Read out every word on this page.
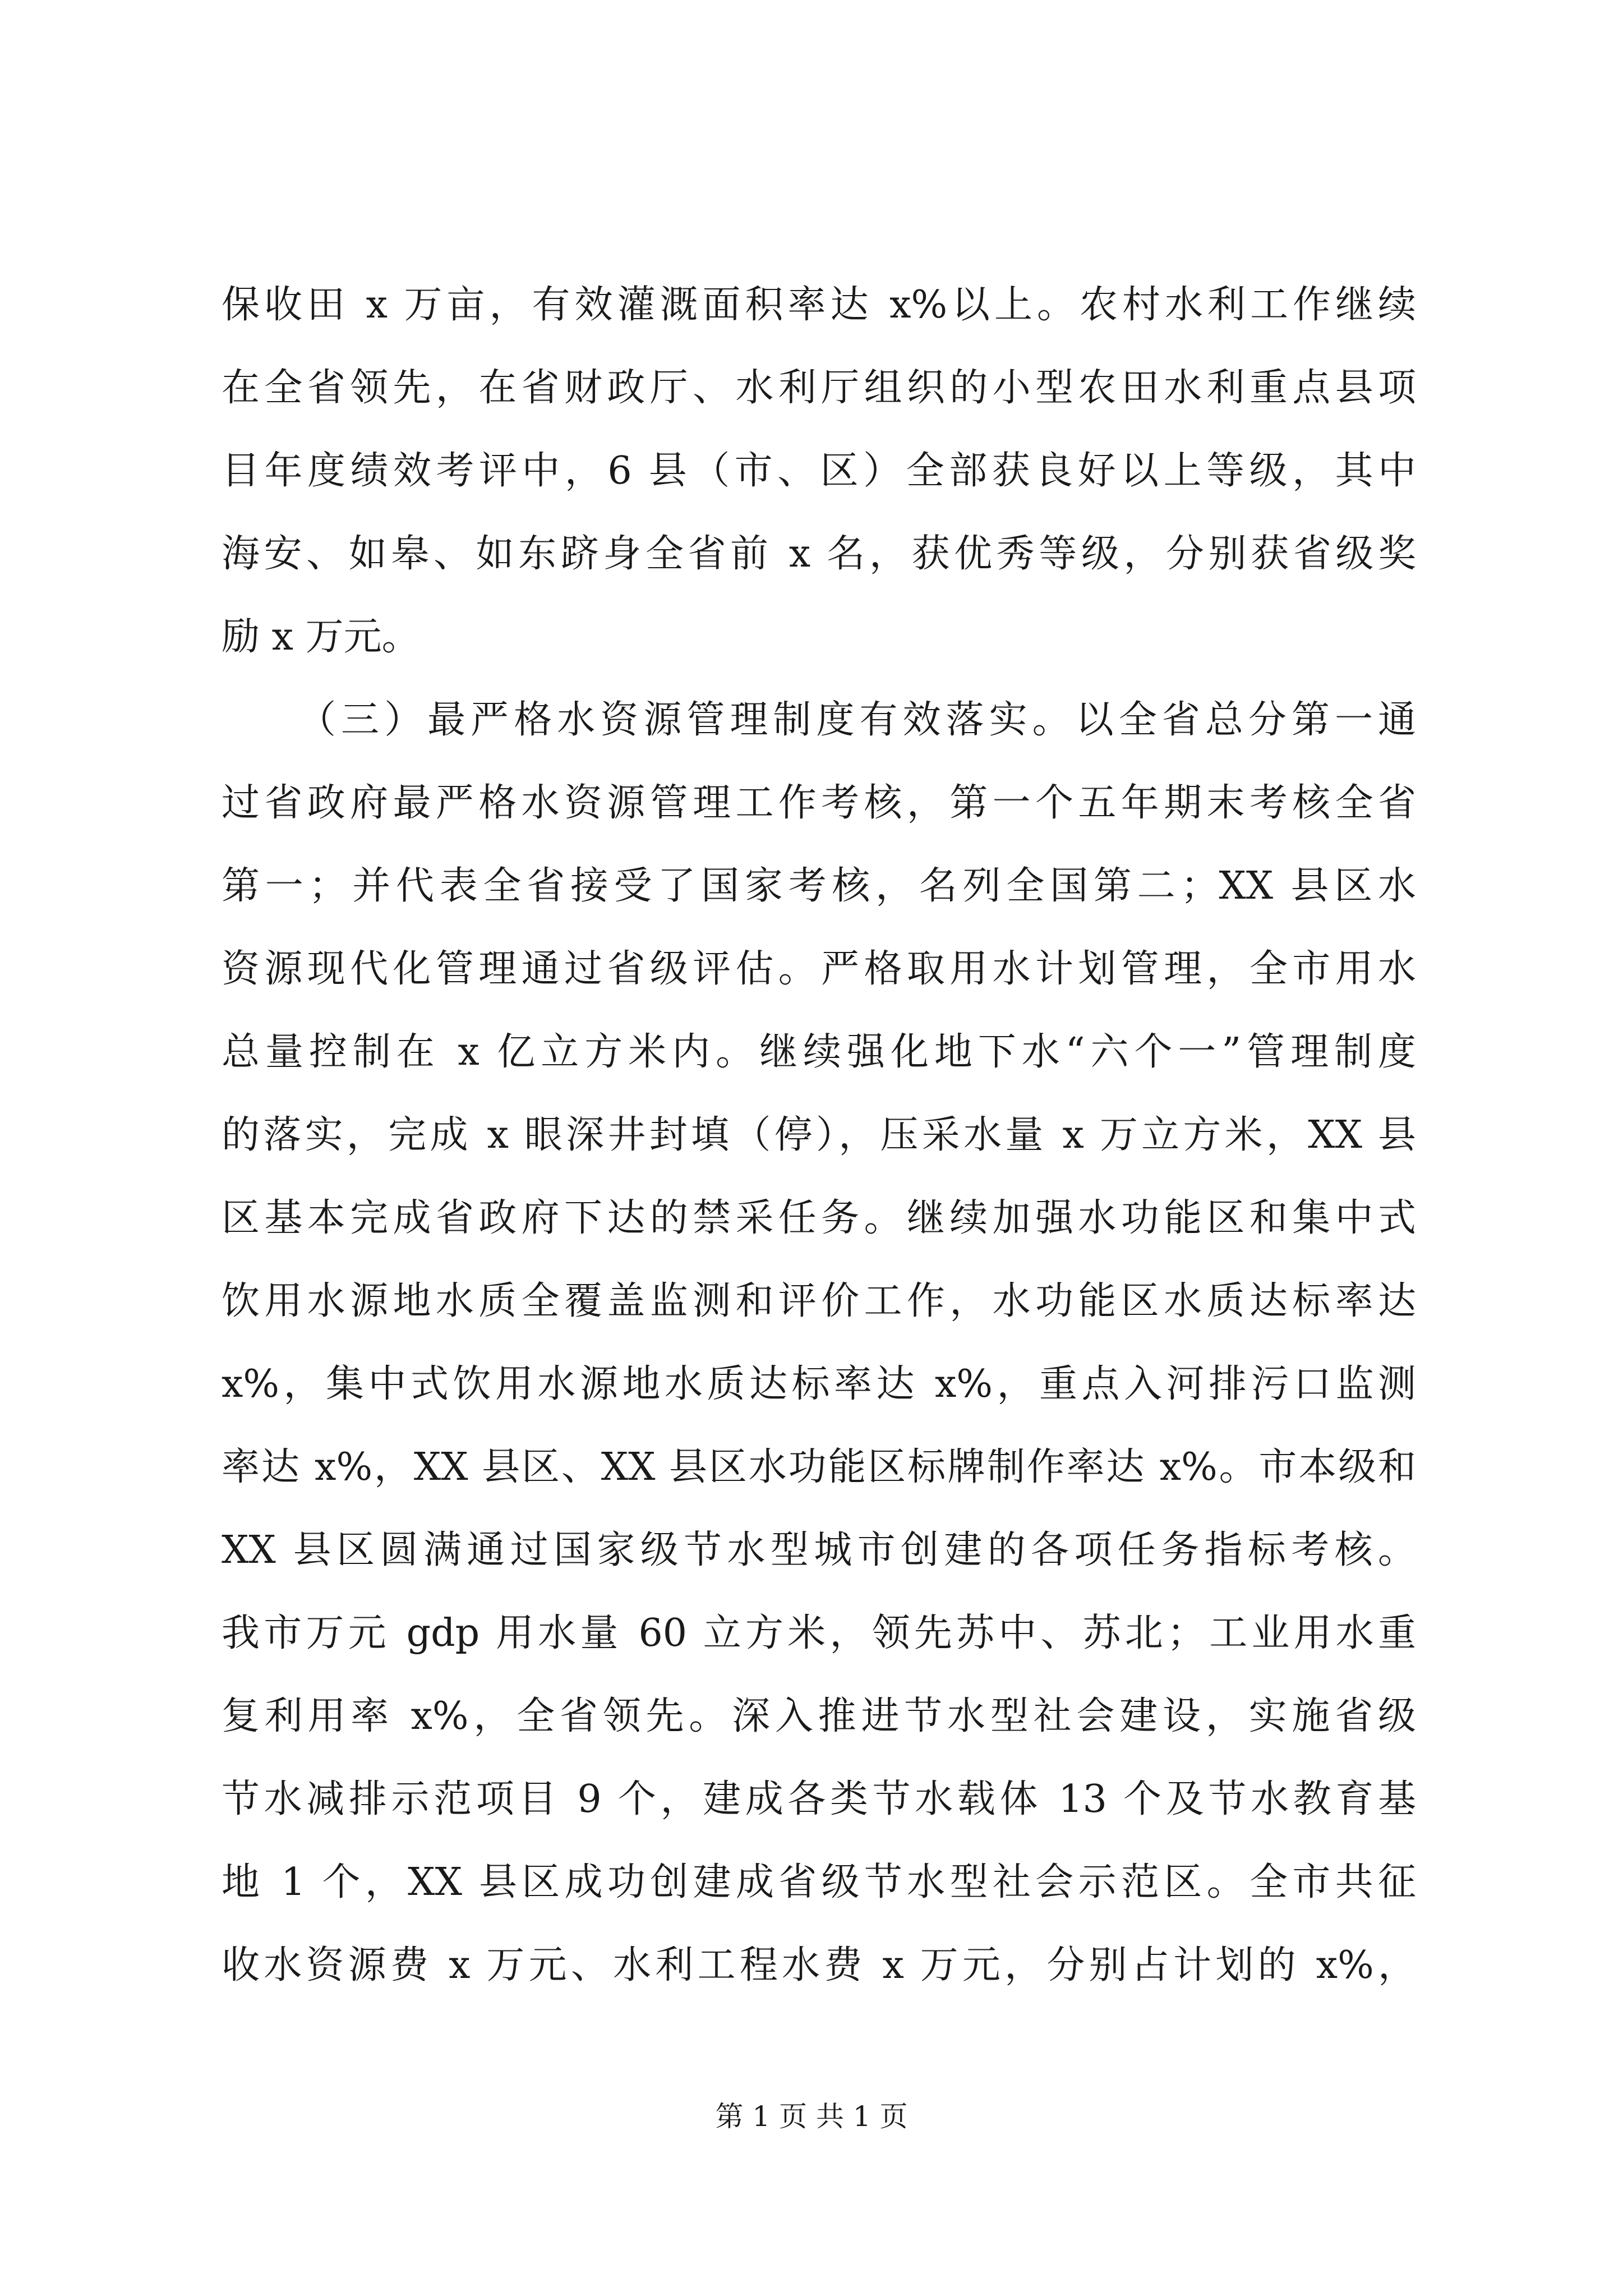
保收田 x 万亩，有效灌溉面积率达 x%以上。农村水利工作继续
在全省领先，在省财政厅、水利厅组织的小型农田水利重点县项
目年度绩效考评中，6 县（市、区）全部获良好以上等级，其中
海安、如皋、如东跻身全省前 x 名，获优秀等级，分别获省级奖
励 x 万元。
（三）最严格水资源管理制度有效落实。以全省总分第一通
过省政府最严格水资源管理工作考核，第一个五年期末考核全省
第一；并代表全省接受了国家考核，名列全国第二；XX 县区水
资源现代化管理通过省级评估。严格取用水计划管理，全市用水
总量控制在 x 亿立方米内。继续强化地下水“六个一”管理制度
的落实，完成 x 眼深井封填（停），压采水量 x 万立方米，XX 县
区基本完成省政府下达的禁采任务。继续加强水功能区和集中式
饮用水源地水质全覆盖监测和评价工作，水功能区水质达标率达
x%，集中式饮用水源地水质达标率达 x%，重点入河排污口监测
率达 x%，XX 县区、XX 县区水功能区标牌制作率达 x%。市本级和
XX 县区圆满通过国家级节水型城市创建的各项任务指标考核。
我市万元 gdp 用水量 60 立方米，领先苏中、苏北；工业用水重
复利用率 x%，全省领先。深入推进节水型社会建设，实施省级
节水减排示范项目 9 个，建成各类节水载体 13 个及节水教育基
地 1 个，XX 县区成功创建成省级节水型社会示范区。全市共征
收水资源费 x 万元、水利工程水费 x 万元，分别占计划的 x%，
第 1 页 共 1 页
